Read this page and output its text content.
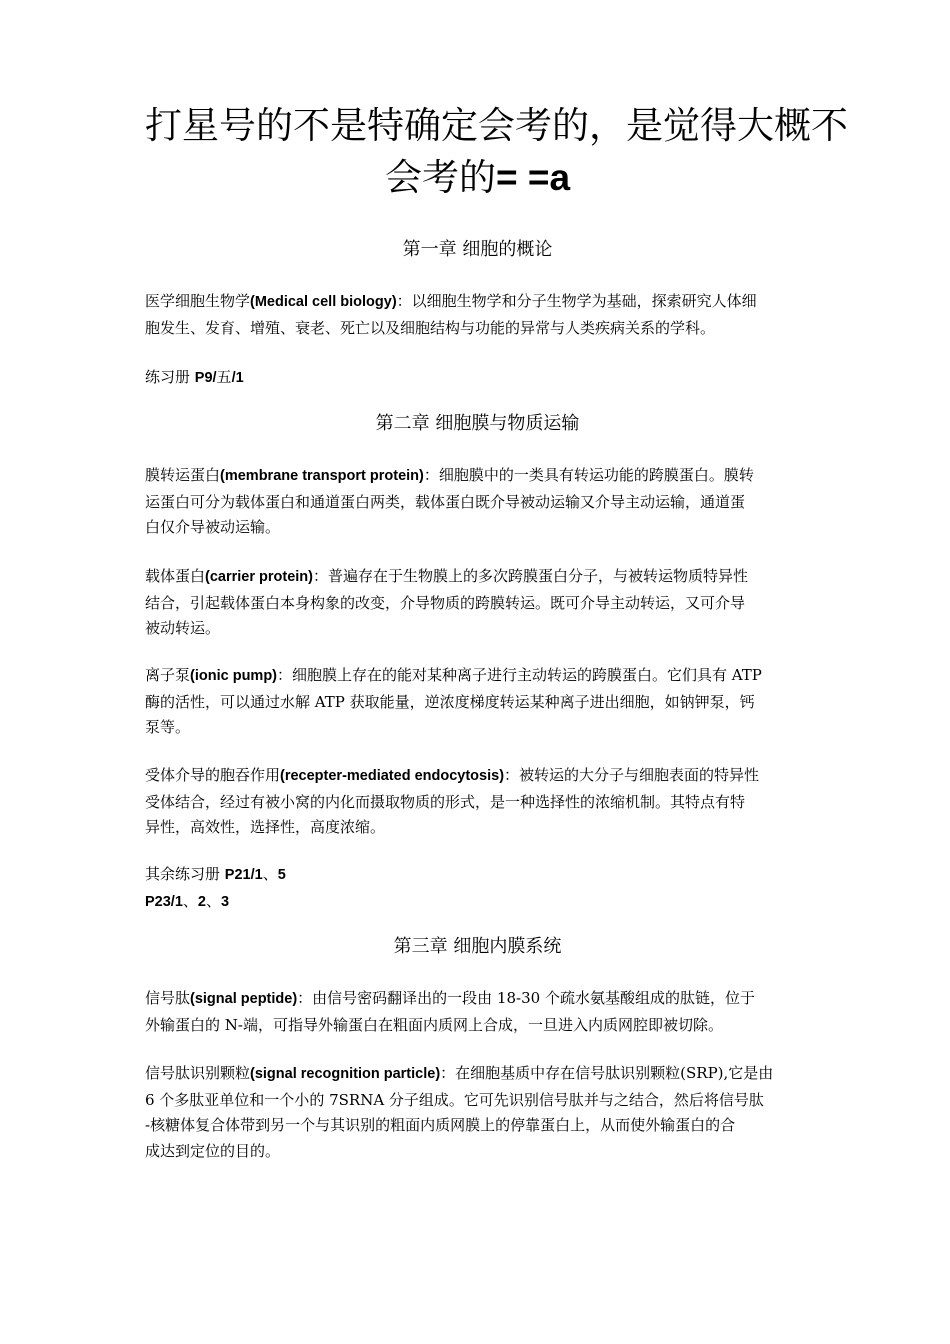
打星号的不是特确定会考的，是觉得大概不
会考的= =a
第一章 细胞的概论
医学细胞生物学(Medical cell biology)：以细胞生物学和分子生物学为基础，探索研究人体细
胞发生、发育、增殖、衰老、死亡以及细胞结构与功能的异常与人类疾病关系的学科。
练习册 P9/五/1
第二章 细胞膜与物质运输
膜转运蛋白(membrane transport protein)：细胞膜中的一类具有转运功能的跨膜蛋白。膜转
运蛋白可分为载体蛋白和通道蛋白两类，载体蛋白既介导被动运输又介导主动运输，通道蛋
白仅介导被动运输。
载体蛋白(carrier protein)：普遍存在于生物膜上的多次跨膜蛋白分子，与被转运物质特异性
结合，引起载体蛋白本身构象的改变，介导物质的跨膜转运。既可介导主动转运，又可介导
被动转运。
离子泵(ionic pump)：细胞膜上存在的能对某种离子进行主动转运的跨膜蛋白。它们具有 ATP
酶的活性，可以通过水解 ATP 获取能量，逆浓度梯度转运某种离子进出细胞，如钠钾泵，钙
泵等。
受体介导的胞吞作用(recepter-mediated endocytosis)：被转运的大分子与细胞表面的特异性
受体结合，经过有被小窝的内化而摄取物质的形式，是一种选择性的浓缩机制。其特点有特
异性，高效性，选择性，高度浓缩。
其余练习册 P21/1、5
P23/1、2、3
第三章 细胞内膜系统
信号肽(signal peptide)：由信号密码翻译出的一段由 18-30 个疏水氨基酸组成的肽链，位于
外输蛋白的 N-端，可指导外输蛋白在粗面内质网上合成，一旦进入内质网腔即被切除。
信号肽识别颗粒(signal recognition particle)：在细胞基质中存在信号肽识别颗粒(SRP),它是由
6 个多肽亚单位和一个小的 7SRNA 分子组成。它可先识别信号肽并与之结合，然后将信号肽
-核糖体复合体带到另一个与其识别的粗面内质网膜上的停靠蛋白上，从而使外输蛋白的合
成达到定位的目的。
